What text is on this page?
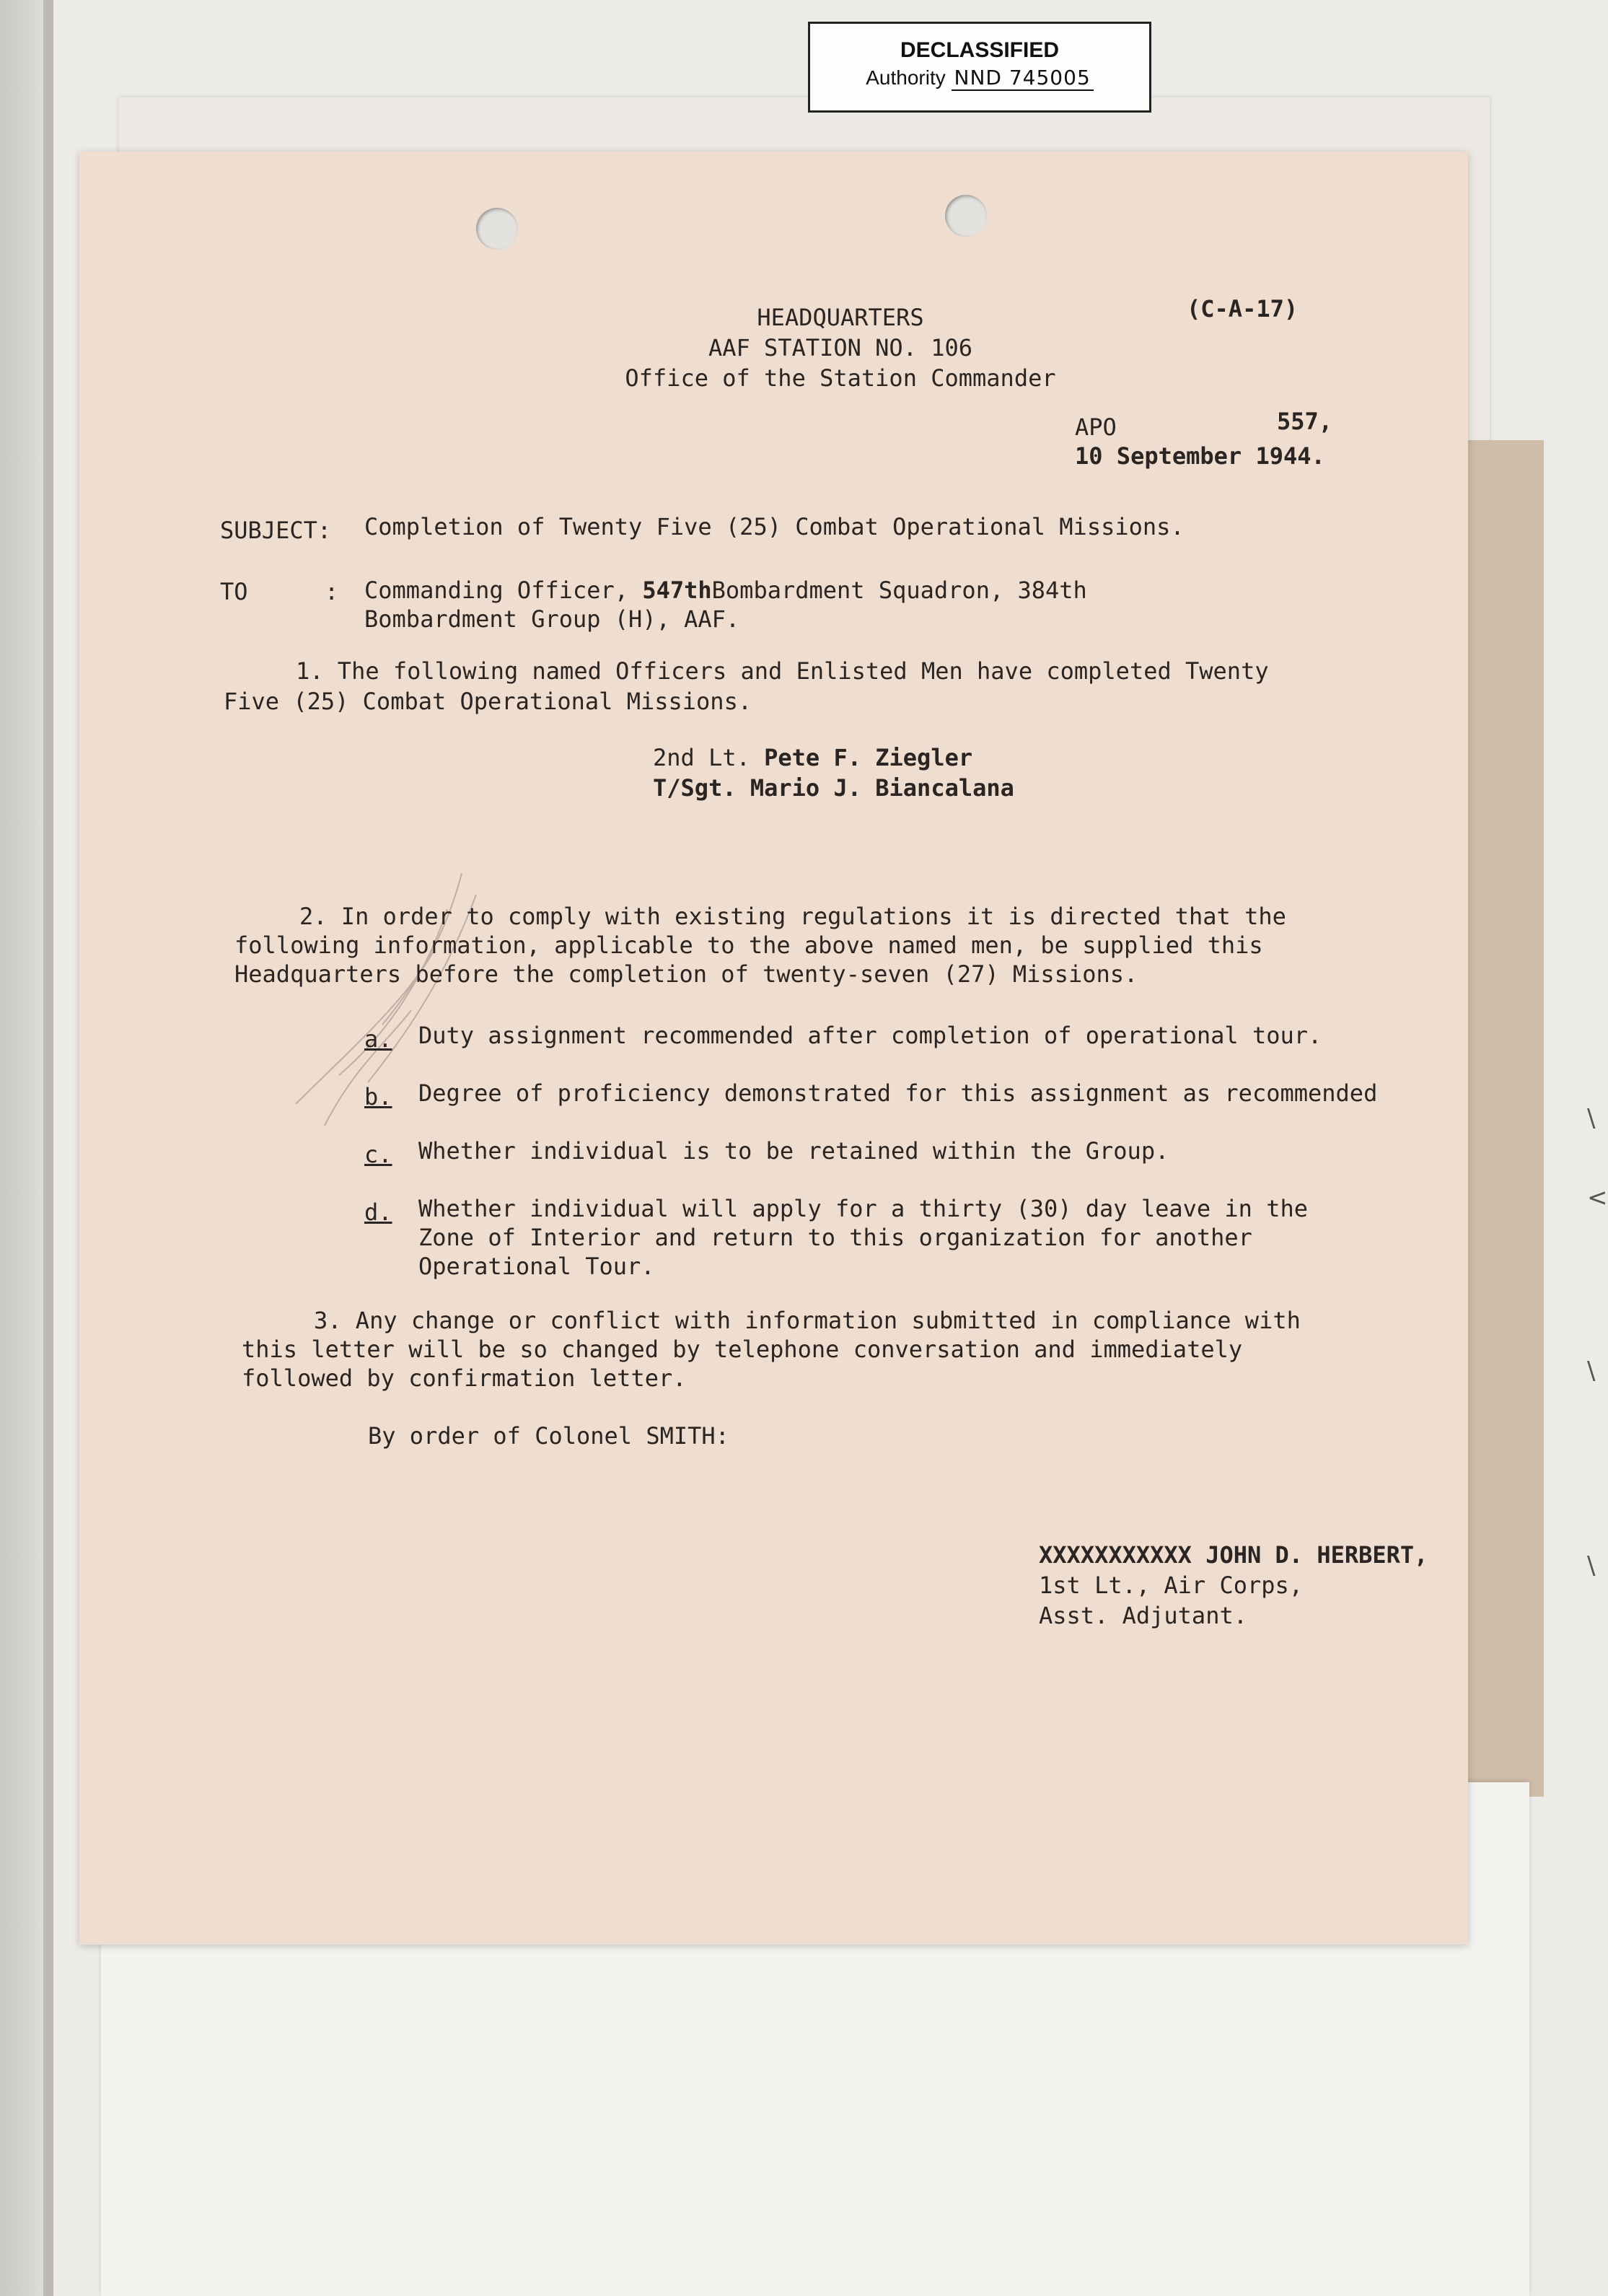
\
<
\
\
DECLASSIFIED
Authority NND 745005
(C-A-17)
HEADQUARTERS
AAF STATION NO. 106
Office of the Station Commander
APO	557,
10 September 1944.
SUBJECT: Completion of Twenty Five (25) Combat Operational Missions.
TO	: Commanding Officer, 547thBombardment Squadron, 384th
Bombardment Group (H), AAF.
1. The following named Officers and Enlisted Men have completed Twenty
Five (25) Combat Operational Missions.
2nd Lt. Pete F. Ziegler
T/Sgt. Mario J. Biancalana
2. In order to comply with existing regulations it is directed that the
following information, applicable to the above named men, be supplied this
Headquarters before the completion of twenty-seven (27) Missions.
a. Duty assignment recommended after completion of operational tour.
b. Degree of proficiency demonstrated for this assignment as recommended
c. Whether individual is to be retained within the Group.
d. Whether individual will apply for a thirty (30) day leave in the
Zone of Interior and return to this organization for another
Operational Tour.
3. Any change or conflict with information submitted in compliance with
this letter will be so changed by telephone conversation and immediately
followed by confirmation letter.
By order of Colonel SMITH:
XXXXXXXXXXX JOHN D. HERBERT,
1st Lt., Air Corps,
Asst. Adjutant.
